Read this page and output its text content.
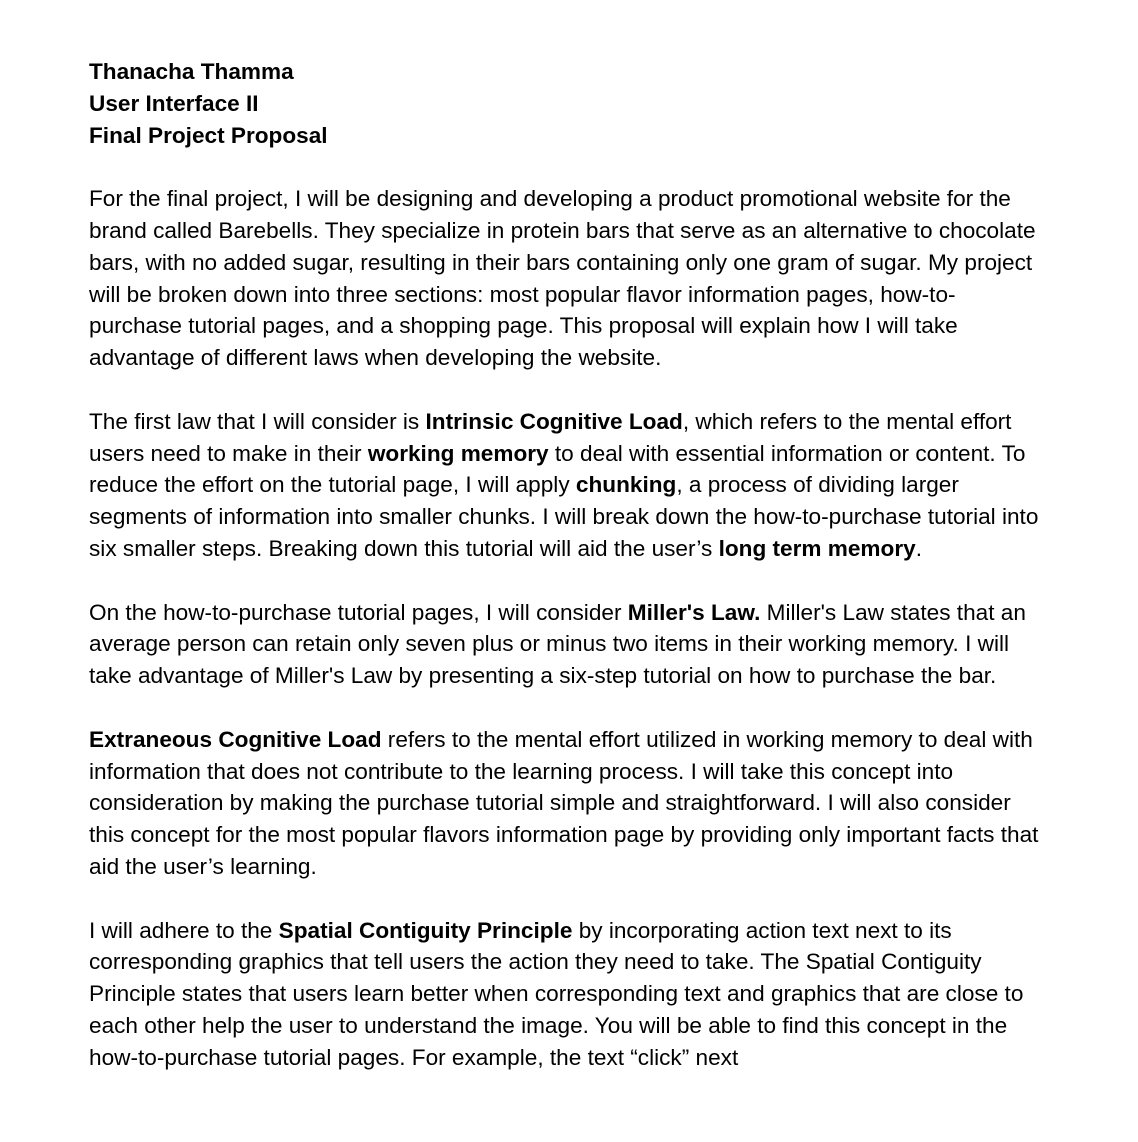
Thanacha Thamma

User Interface II

Final Project Proposal

For the final project, I will be designing and developing a product promotional website for the brand called Barebells. They specialize in protein bars that serve as an alternative to chocolate bars, with no added sugar, resulting in their bars containing only one gram of sugar. My project will be broken down into three sections: most popular flavor information pages, how-to-purchase tutorial pages, and a shopping page. This proposal will explain how I will take advantage of different laws when developing the website.

The first law that I will consider is Intrinsic Cognitive Load, which refers to the mental effort users need to make in their working memory to deal with essential information or content. To reduce the effort on the tutorial page, I will apply chunking, a process of dividing larger segments of information into smaller chunks. I will break down the how-to-purchase tutorial into six smaller steps. Breaking down this tutorial will aid the user’s long term memory.

On the how-to-purchase tutorial pages, I will consider Miller's Law. Miller's Law states that an average person can retain only seven plus or minus two items in their working memory. I will take advantage of Miller's Law by presenting a six-step tutorial on how to purchase the bar.

Extraneous Cognitive Load refers to the mental effort utilized in working memory to deal with information that does not contribute to the learning process. I will take this concept into consideration by making the purchase tutorial simple and straightforward. I will also consider this concept for the most popular flavors information page by providing only important facts that aid the user’s learning.

I will adhere to the Spatial Contiguity Principle by incorporating action text next to its corresponding graphics that tell users the action they need to take. The Spatial Contiguity Principle states that users learn better when corresponding text and graphics that are close to each other help the user to understand the image. You will be able to find this concept in the how-to-purchase tutorial pages. For example, the text “click” next
